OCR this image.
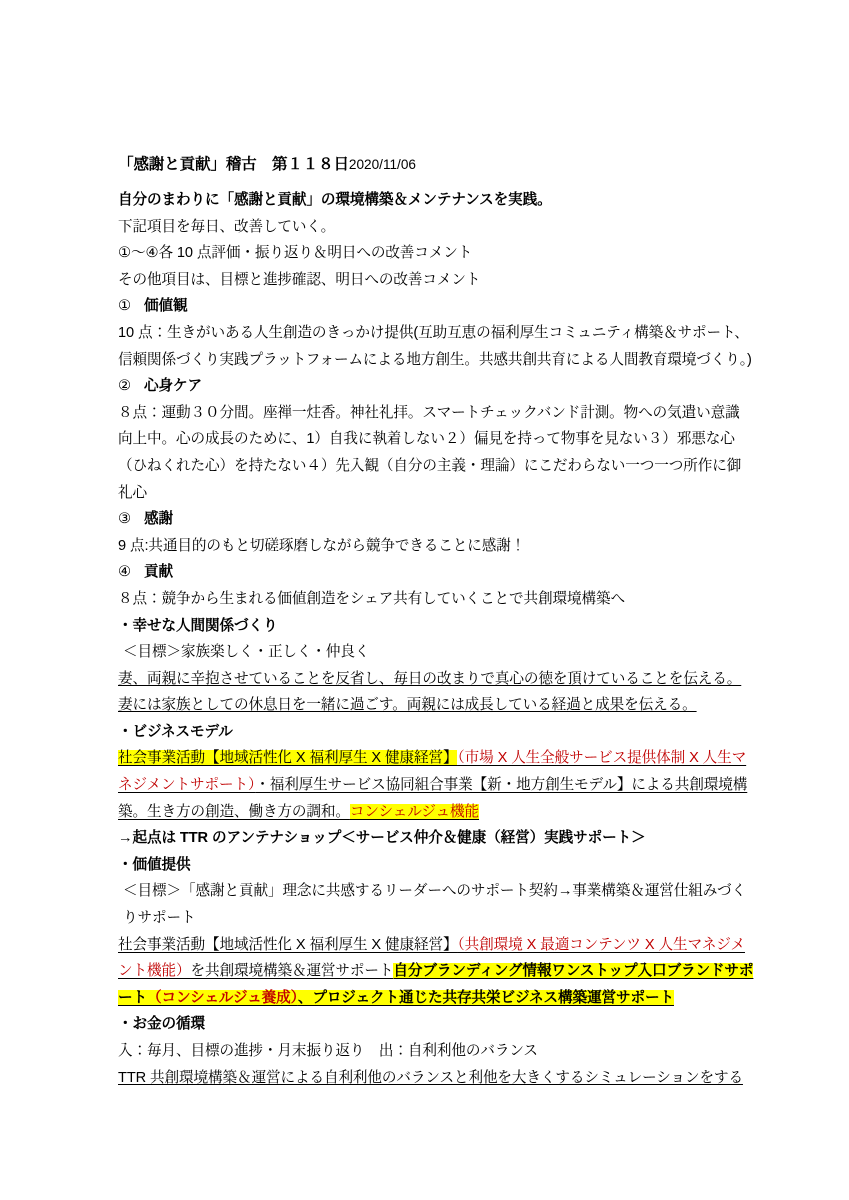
「感謝と貢献」稽古　第１１８日2020/11/06
自分のまわりに「感謝と貢献」の環境構築＆メンテナンスを実践。
下記項目を毎日、改善していく。
①～④各 10 点評価・振り返り＆明日への改善コメント
その他項目は、目標と進捗確認、明日への改善コメント
① 価値観
10 点：生きがいある人生創造のきっかけ提供(互助互恵の福利厚生コミュニティ構築＆サポート、信頼関係づくり実践プラットフォームによる地方創生。共感共創共育による人間教育環境づくり。)
② 心身ケア
８点：運動３０分間。座禅一炷香。神社礼拝。スマートチェックバンド計測。物への気遣い意識向上中。心の成長のために、1）自我に執着しない２）偏見を持って物事を見ない３）邪悪な心（ひねくれた心）を持たない４）先入観（自分の主義・理論）にこだわらない一つ一つ所作に御礼心
③ 感謝
9 点:共通目的のもと切磋琢磨しながら競争できることに感謝！
④ 貢献
８点：競争から生まれる価値創造をシェア共有していくことで共創環境構築へ
・幸せな人間関係づくり
＜目標＞家族楽しく・正しく・仲良く
妻、両親に辛抱させていることを反省し、毎日の改まりで真心の徳を頂けていることを伝える。妻には家族としての休息日を一緒に過ごす。両親には成長している経過と成果を伝える。
・ビジネスモデル
社会事業活動【地域活性化 X 福利厚生 X 健康経営】（市場 X 人生全般サービス提供体制 X 人生マネジメントサポート）・福利厚生サービス協同組合事業【新・地方創生モデル】による共創環境構築。生き方の創造、働き方の調和。コンシェルジュ機能
→起点は TTR のアンテナショップ＜サービス仲介＆健康（経営）実践サポート＞
・価値提供
＜目標＞「感謝と貢献」理念に共感するリーダーへのサポート契約→事業構築＆運営仕組みづくりサポート
社会事業活動【地域活性化 X 福利厚生 X 健康経営】（共創環境 X 最適コンテンツ X 人生マネジメント機能）を共創環境構築＆運営サポート自分ブランディング情報ワンストップ入口ブランドサポート（コンシェルジュ養成）、プロジェクト通じた共存共栄ビジネス構築運営サポート
・お金の循環
入：毎月、目標の進捗・月末振り返り　出：自利利他のバランス
TTR 共創環境構築＆運営による自利利他のバランスと利他を大きくするシミュレーションをする
